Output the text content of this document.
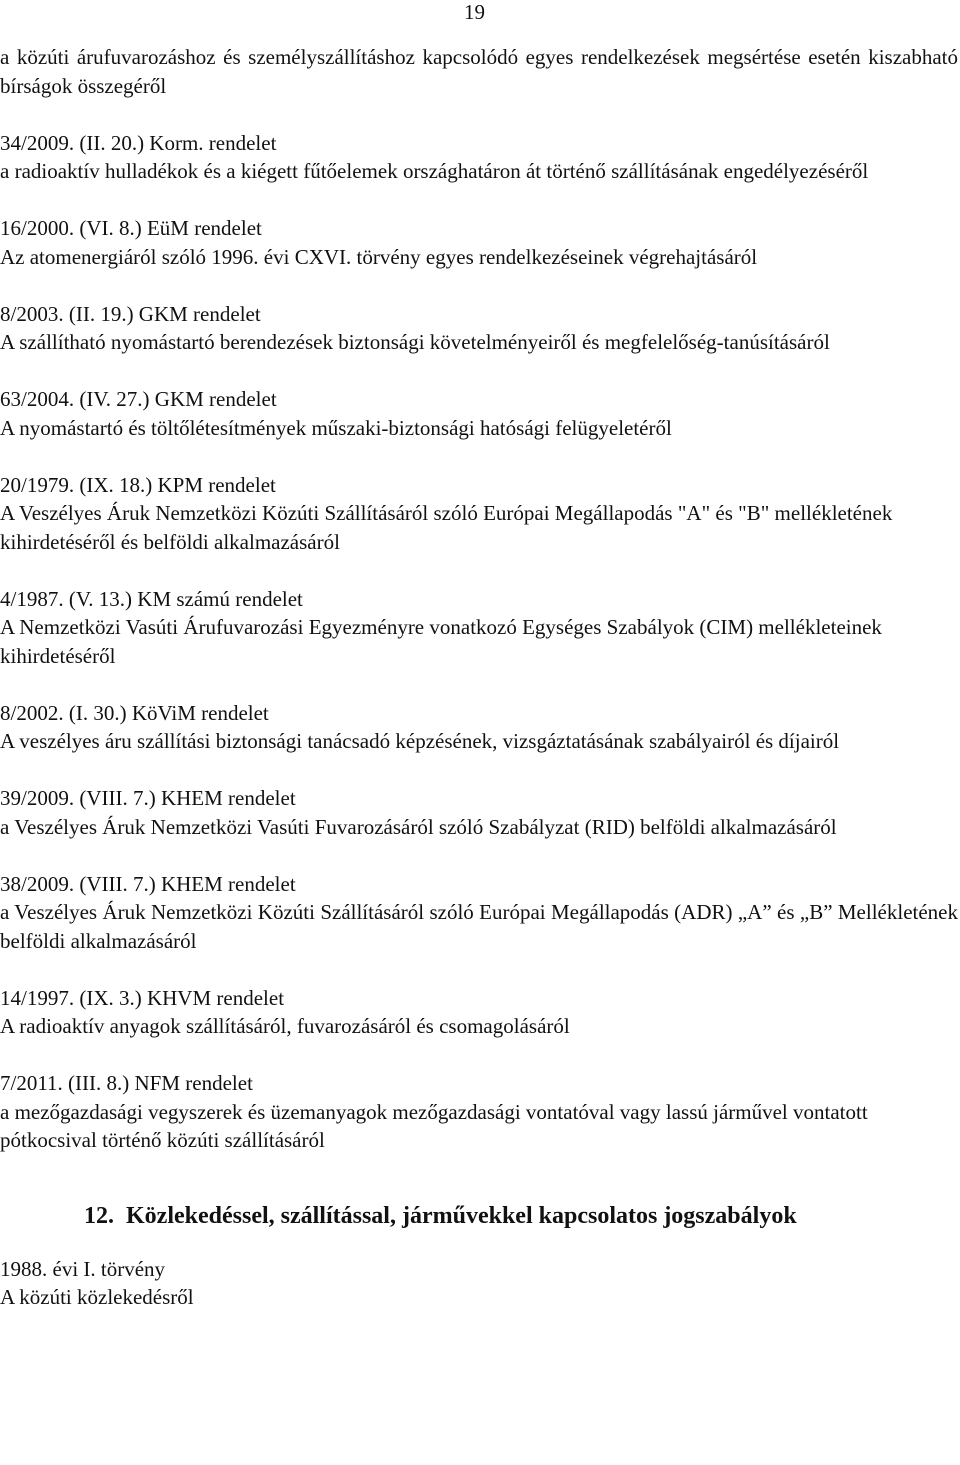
19

a közúti árufuvarozáshoz és személyszállításhoz kapcsolódó egyes rendelkezések megsértése esetén kiszabható bírságok összegéről

34/2009. (II. 20.) Korm. rendelet

a radioaktív hulladékok és a kiégett fűtőelemek országhatáron át történő szállításának engedélyezéséről

16/2000. (VI. 8.) EüM rendelet

Az atomenergiáról szóló 1996. évi CXVI. törvény egyes rendelkezéseinek végrehajtásáról

8/2003. (II. 19.) GKM rendelet

A szállítható nyomástartó berendezések biztonsági követelményeiről és megfelelőség-tanúsításáról

63/2004. (IV. 27.) GKM rendelet

A nyomástartó és töltőlétesítmények műszaki-biztonsági hatósági felügyeletéről

20/1979. (IX. 18.) KPM rendelet

A Veszélyes Áruk Nemzetközi Közúti Szállításáról szóló Európai Megállapodás "A" és "B" mellékletének kihirdetéséről és belföldi alkalmazásáról

4/1987. (V. 13.) KM számú rendelet

A Nemzetközi Vasúti Árufuvarozási Egyezményre vonatkozó Egységes Szabályok (CIM) mellékleteinek kihirdetéséről

8/2002. (I. 30.) KöViM rendelet

A veszélyes áru szállítási biztonsági tanácsadó képzésének, vizsgáztatásának szabályairól és díjairól

39/2009. (VIII. 7.) KHEM rendelet

a Veszélyes Áruk Nemzetközi Vasúti Fuvarozásáról szóló Szabályzat (RID) belföldi alkalmazásáról

38/2009. (VIII. 7.) KHEM rendelet

a Veszélyes Áruk Nemzetközi Közúti Szállításáról szóló Európai Megállapodás (ADR) „A” és „B” Mellékletének belföldi alkalmazásáról

14/1997. (IX. 3.) KHVM rendelet

A radioaktív anyagok szállításáról, fuvarozásáról és csomagolásáról

7/2011. (III. 8.) NFM rendelet

a mezőgazdasági vegyszerek és üzemanyagok mezőgazdasági vontatóval vagy lassú járművel vontatott pótkocsival történő közúti szállításáról

12. Közlekedéssel, szállítással, járművekkel kapcsolatos jogszabályok

1988. évi I. törvény

A közúti közlekedésről
